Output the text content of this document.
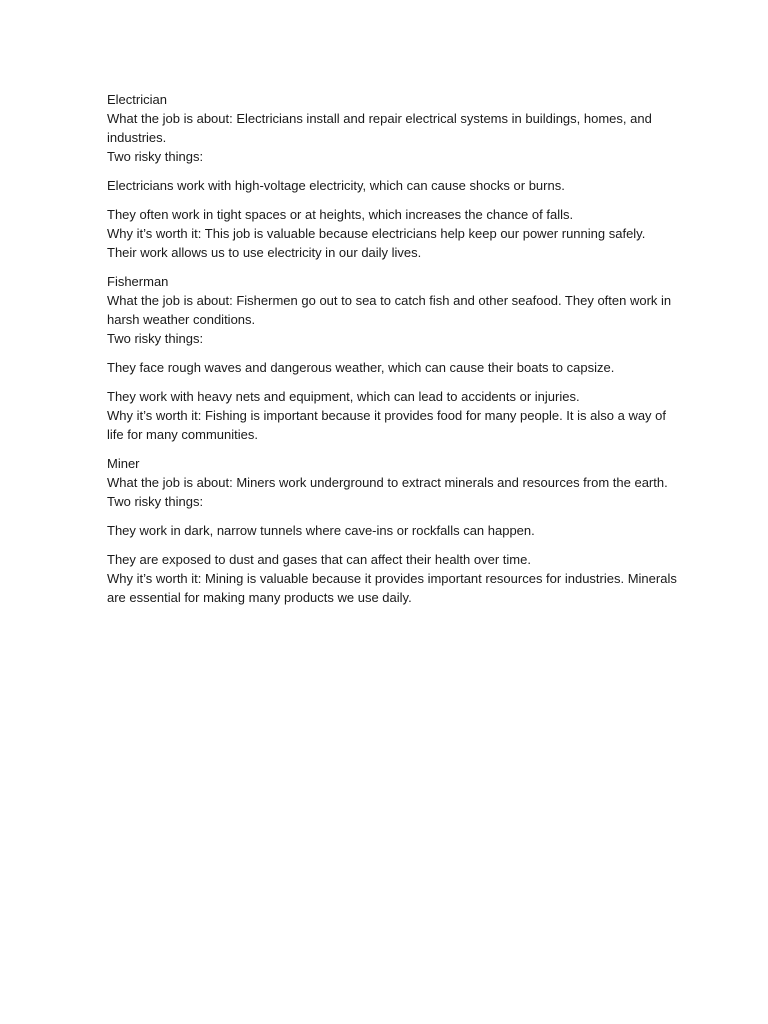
Electrician

What the job is about: Electricians install and repair electrical systems in buildings, homes, and industries.

Two risky things:

Electricians work with high-voltage electricity, which can cause shocks or burns.

They often work in tight spaces or at heights, which increases the chance of falls.

Why it’s worth it: This job is valuable because electricians help keep our power running safely. Their work allows us to use electricity in our daily lives.

Fisherman

What the job is about: Fishermen go out to sea to catch fish and other seafood. They often work in harsh weather conditions.

Two risky things:

They face rough waves and dangerous weather, which can cause their boats to capsize.

They work with heavy nets and equipment, which can lead to accidents or injuries.

Why it’s worth it: Fishing is important because it provides food for many people. It is also a way of life for many communities.

Miner

What the job is about: Miners work underground to extract minerals and resources from the earth.

Two risky things:

They work in dark, narrow tunnels where cave-ins or rockfalls can happen.

They are exposed to dust and gases that can affect their health over time.

Why it’s worth it: Mining is valuable because it provides important resources for industries. Minerals are essential for making many products we use daily.
